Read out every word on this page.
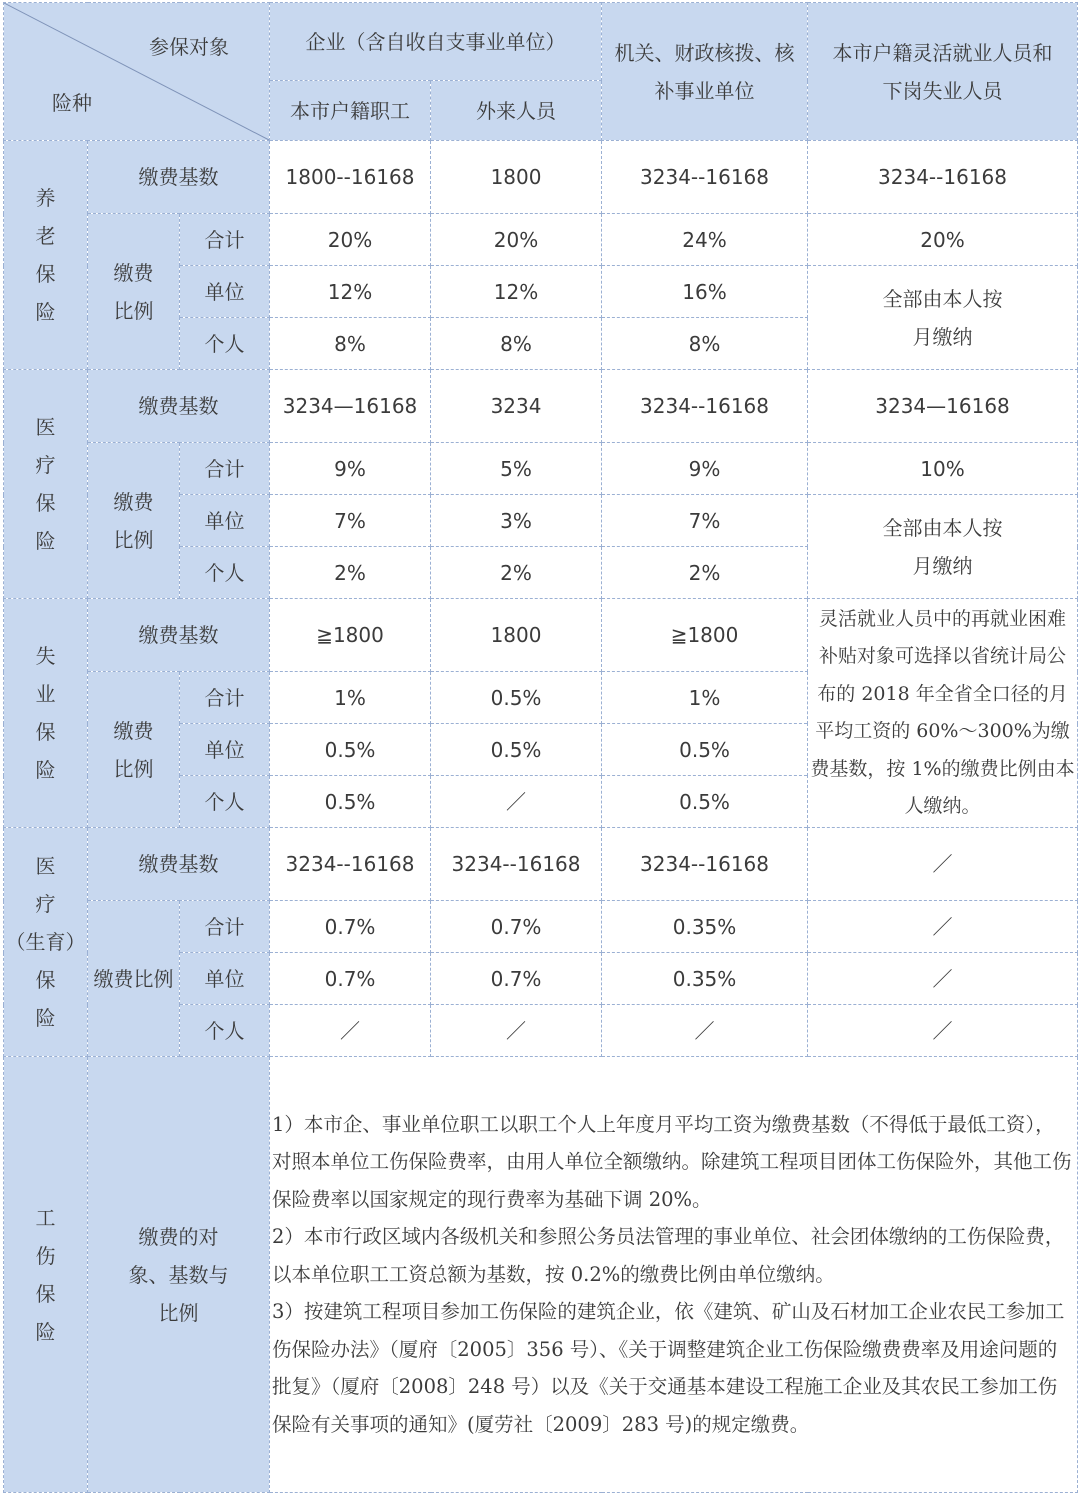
参保对象
险种			企业（含自收自支事业单位）		机关、财政核拨、核补事业单位	本市户籍灵活就业人员和下岗失业人员

			本市户籍职工	外来人员		
养老保险	缴费基数		1800--16168	1800	3234--16168	3234--16168
	缴费比例	合计	20%	20%	24%	20%
		单位	12%	12%	16%	全部由本人按月缴纳

		个人	8%	8%	8%	
医疗保险	缴费基数		3234—16168	3234	3234--16168	3234—16168
	缴费比例	合计	9%	5%	9%	10%
		单位	7%	3%	7%	全部由本人按月缴纳

		个人	2%	2%	2%	
失业保险	缴费基数		≧1800	1800	≧1800	灵活就业人员中的再就业困难补贴对象可选择以省统计局公布的 2018 年全省全口径的月平均工资的 60%～300%为缴费基数，按 1%的缴费比例由本人缴纳。

	缴费比例	合计	1%	0.5%	1%	
		单位	0.5%	0.5%	0.5%	
		个人	0.5%	／	0.5%	
医疗
（生育）
保险	缴费基数		3234--16168	3234--16168	3234--16168	／
	缴费比例	合计	0.7%	0.7%	0.35%	／
		单位	0.7%	0.7%	0.35%	／
		个人	／	／	／	／
工伤保险	缴费的对象、基数与比例		1）本市企、事业单位职工以职工个人上年度月平均工资为缴费基数（不得低于最低工资），对照本单位工伤保险费率，由用人单位全额缴纳。除建筑工程项目团体工伤保险外，其他工伤保险费率以国家规定的现行费率为基础下调 20%。
2）本市行政区域内各级机关和参照公务员法管理的事业单位、社会团体缴纳的工伤保险费，以本单位职工工资总额为基数，按 0.2%的缴费比例由单位缴纳。
3）按建筑工程项目参加工伤保险的建筑企业，依《建筑、矿山及石材加工企业农民工参加工伤保险办法》（厦府〔2005〕356 号）、《关于调整建筑企业工伤保险缴费费率及用途问题的批复》（厦府〔2008〕248 号）以及《关于交通基本建设工程施工企业及其农民工参加工伤保险有关事项的通知》(厦劳社〔2009〕283 号)的规定缴费。			
